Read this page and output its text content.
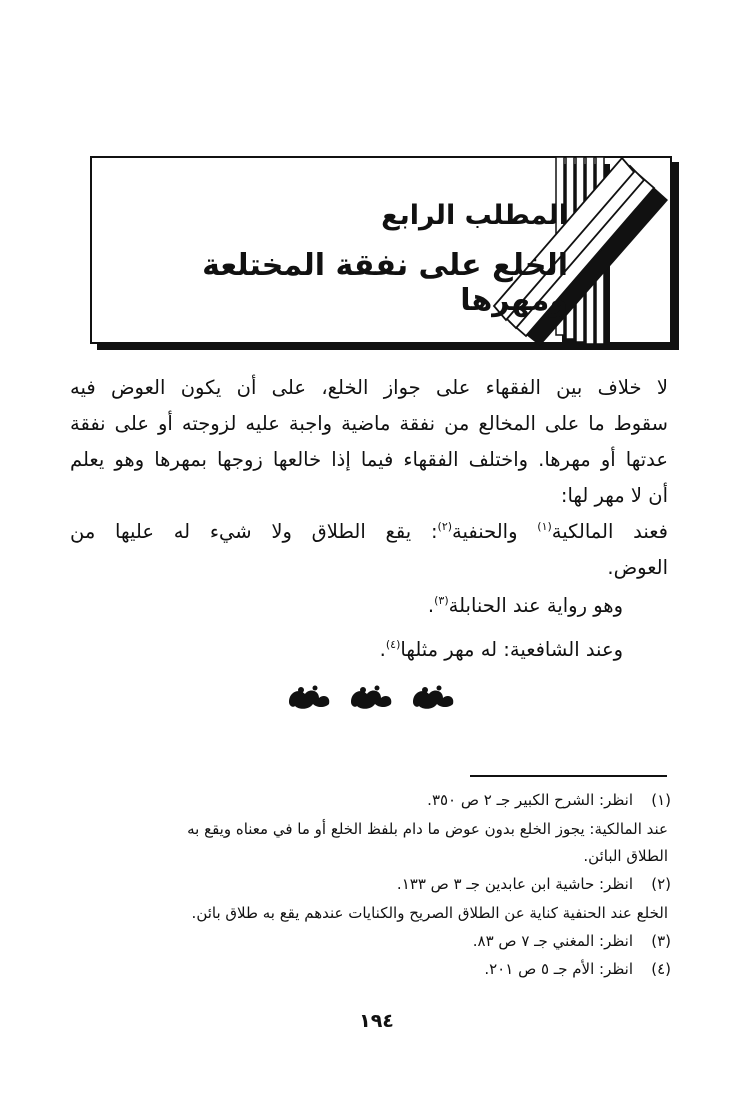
المطلب الرابع
الخلع على نفقة المختلعة ومهرها
لا خلاف بين الفقهاء على جواز الخلع، على أن يكون العوض فيه
سقوط ما على المخالع من نفقة ماضية واجبة عليه لزوجته أو على نفقة
عدتها أو مهرها. واختلف الفقهاء فيما إذا خالعها زوجها بمهرها وهو يعلم
أن لا مهر لها:
فعند المالكية$^{(١)}$ والحنفية$^{(٢)}$: يقع الطلاق ولا شيء له عليها من
العوض.
وهو رواية عند الحنابلة$^{(٣)}$.
وعند الشافعية: له مهر مثلها$^{(٤)}$.
(١)
انظر: الشرح الكبير جـ ٢ ص ٣٥٠.
عند المالكية: يجوز الخلع بدون عوض ما دام بلفظ الخلع أو ما في معناه ويقع به
الطلاق البائن.
(٢)
انظر: حاشية ابن عابدين جـ ٣ ص ١٣٣.
الخلع عند الحنفية كناية عن الطلاق الصريح والكنايات عندهم يقع به طلاق بائن.
(٣)
انظر: المغني جـ ٧ ص ٨٣.
(٤)
انظر: الأم جـ ٥ ص ٢٠١.
١٩٤
